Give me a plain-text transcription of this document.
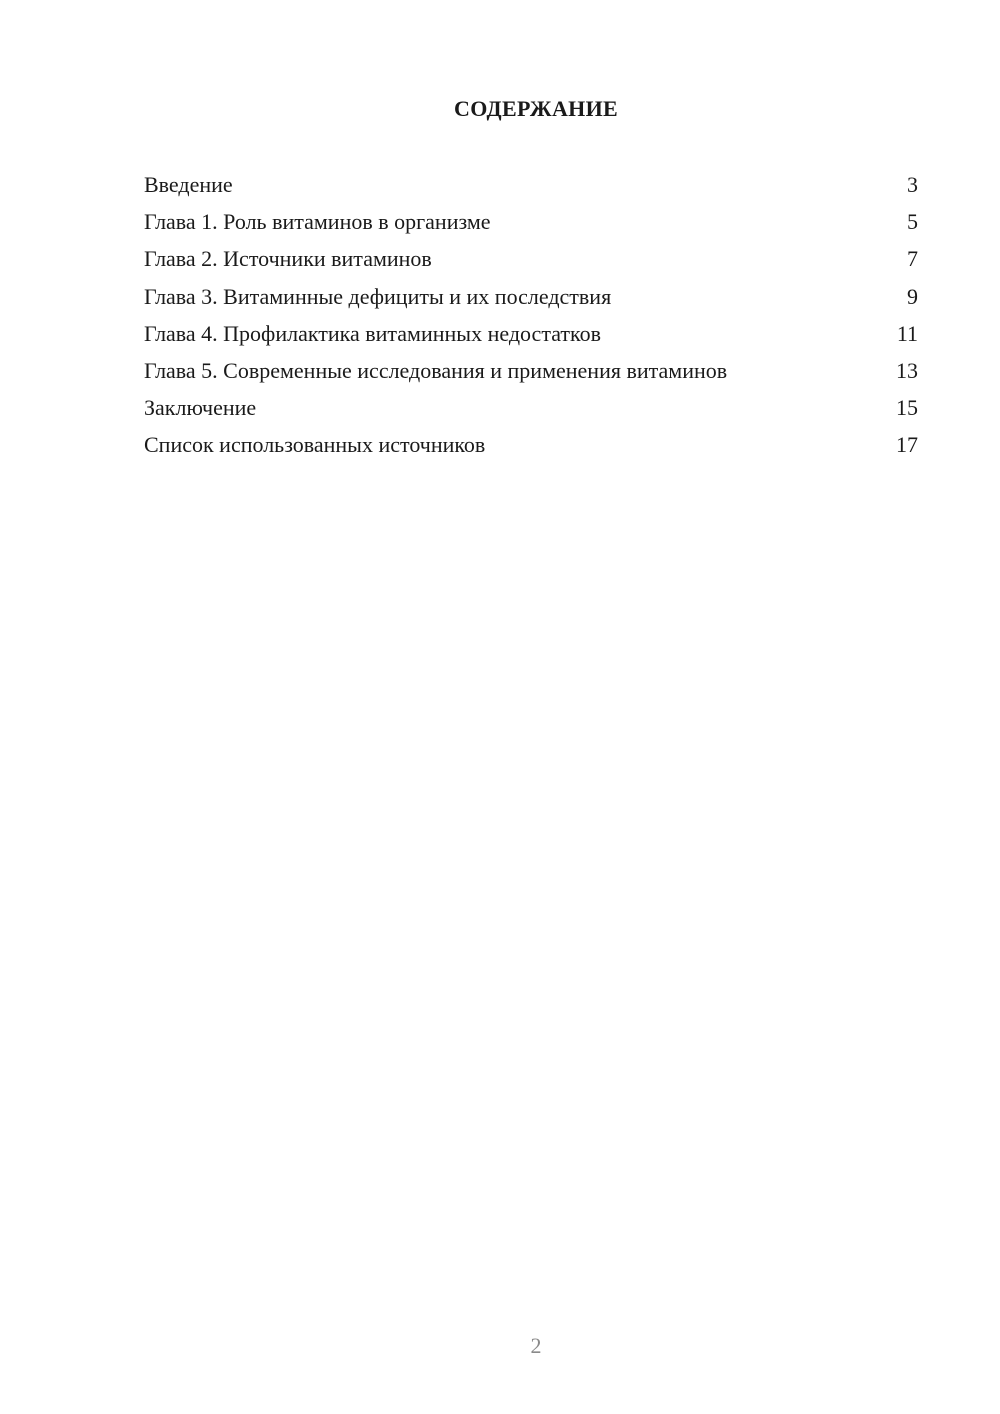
СОДЕРЖАНИЕ
Введение	3
Глава 1. Роль витаминов в организме	5
Глава 2. Источники витаминов	7
Глава 3. Витаминные дефициты и их последствия	9
Глава 4. Профилактика витаминных недостатков	11
Глава 5. Современные исследования и применения витаминов	13
Заключение	15
Список использованных источников	17
2
